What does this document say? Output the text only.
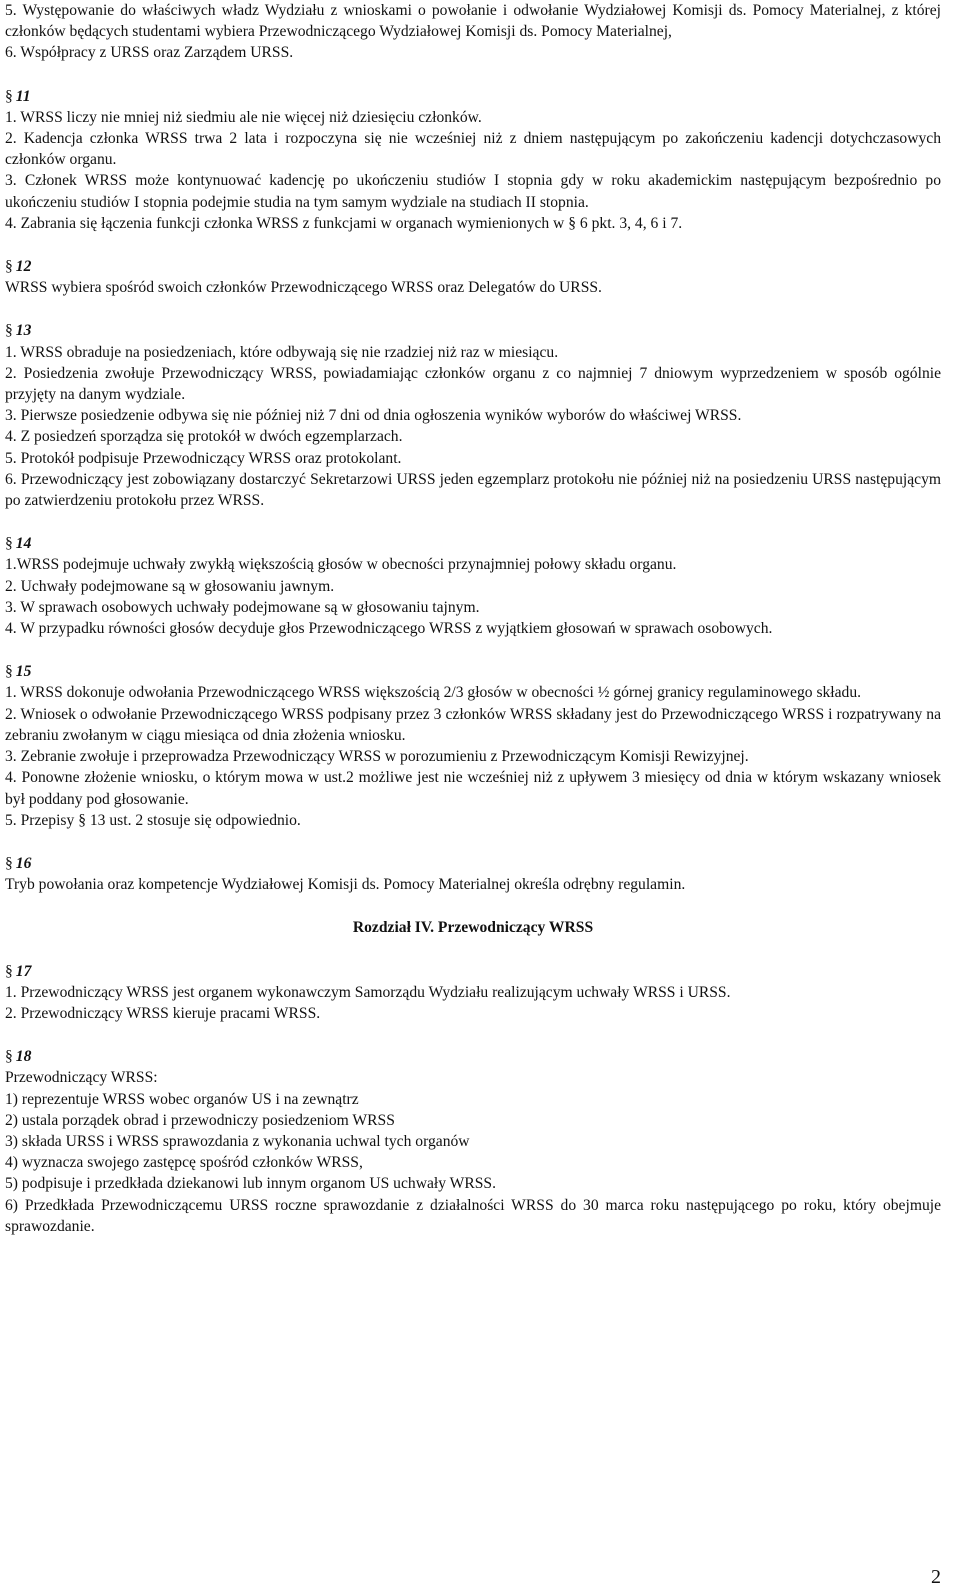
5. Występowanie do właściwych władz Wydziału z wnioskami o powołanie i odwołanie Wydziałowej Komisji ds. Pomocy Materialnej, z której członków będących studentami wybiera Przewodniczącego Wydziałowej Komisji ds. Pomocy Materialnej,

6. Współpracy z URSS oraz Zarządem URSS.

§ 11

1. WRSS liczy nie mniej niż siedmiu ale nie więcej niż dziesięciu członków.

2. Kadencja członka WRSS trwa 2 lata i rozpoczyna się nie wcześniej niż z dniem następującym po zakończeniu kadencji dotychczasowych członków organu.

3. Członek WRSS może kontynuować kadencję po ukończeniu studiów I stopnia gdy w roku akademickim następującym bezpośrednio po ukończeniu studiów I stopnia podejmie studia na tym samym wydziale na studiach II stopnia.

4. Zabrania się łączenia funkcji członka WRSS z funkcjami w organach wymienionych w § 6 pkt. 3, 4, 6 i 7.

§ 12

WRSS wybiera spośród swoich członków Przewodniczącego WRSS oraz Delegatów do URSS.

§ 13

1. WRSS obraduje na posiedzeniach, które odbywają się nie rzadziej niż raz w miesiącu.

2. Posiedzenia zwołuje Przewodniczący WRSS, powiadamiając członków organu z co najmniej 7 dniowym wyprzedzeniem w sposób ogólnie przyjęty na danym wydziale.

3. Pierwsze posiedzenie odbywa się nie później niż 7 dni od dnia ogłoszenia wyników wyborów do właściwej WRSS.

4. Z posiedzeń sporządza się protokół w dwóch egzemplarzach.

5. Protokół podpisuje Przewodniczący WRSS oraz protokolant.

6. Przewodniczący jest zobowiązany dostarczyć Sekretarzowi URSS jeden egzemplarz protokołu nie później niż na posiedzeniu URSS następującym po zatwierdzeniu protokołu przez WRSS.

§ 14

1.WRSS podejmuje uchwały zwykłą większością głosów w obecności przynajmniej połowy składu organu.

2. Uchwały podejmowane są w głosowaniu jawnym.

3. W sprawach osobowych uchwały podejmowane są w głosowaniu tajnym.

4. W przypadku równości głosów decyduje głos Przewodniczącego WRSS z wyjątkiem głosowań w sprawach osobowych.

§ 15

1. WRSS dokonuje odwołania Przewodniczącego WRSS większością 2/3 głosów w obecności ½ górnej granicy regulaminowego składu.

2. Wniosek o odwołanie Przewodniczącego WRSS podpisany przez 3 członków WRSS składany jest do Przewodniczącego WRSS i rozpatrywany na zebraniu zwołanym w ciągu miesiąca od dnia złożenia wniosku.

3. Zebranie zwołuje i przeprowadza Przewodniczący WRSS w porozumieniu z Przewodniczącym Komisji Rewizyjnej.

4. Ponowne złożenie wniosku, o którym mowa w ust.2 możliwe jest nie wcześniej niż z upływem 3 miesięcy od dnia w którym wskazany wniosek był poddany pod głosowanie.

5. Przepisy § 13 ust. 2 stosuje się odpowiednio.

§ 16

Tryb powołania oraz kompetencje Wydziałowej Komisji ds. Pomocy Materialnej określa odrębny regulamin.

Rozdział IV. Przewodniczący WRSS

§ 17

1. Przewodniczący WRSS jest organem wykonawczym Samorządu Wydziału realizującym uchwały WRSS i URSS.

2. Przewodniczący WRSS kieruje pracami WRSS.

§ 18

Przewodniczący WRSS:

1) reprezentuje WRSS wobec organów US i na zewnątrz

2) ustala porządek obrad i przewodniczy posiedzeniom WRSS

3) składa URSS i WRSS sprawozdania z wykonania uchwal tych organów

4) wyznacza swojego zastępcę spośród członków WRSS,

5) podpisuje i przedkłada dziekanowi lub innym organom US uchwały WRSS.

6) Przedkłada Przewodniczącemu URSS roczne sprawozdanie z działalności WRSS do 30 marca roku następującego po roku, który obejmuje sprawozdanie.

2
